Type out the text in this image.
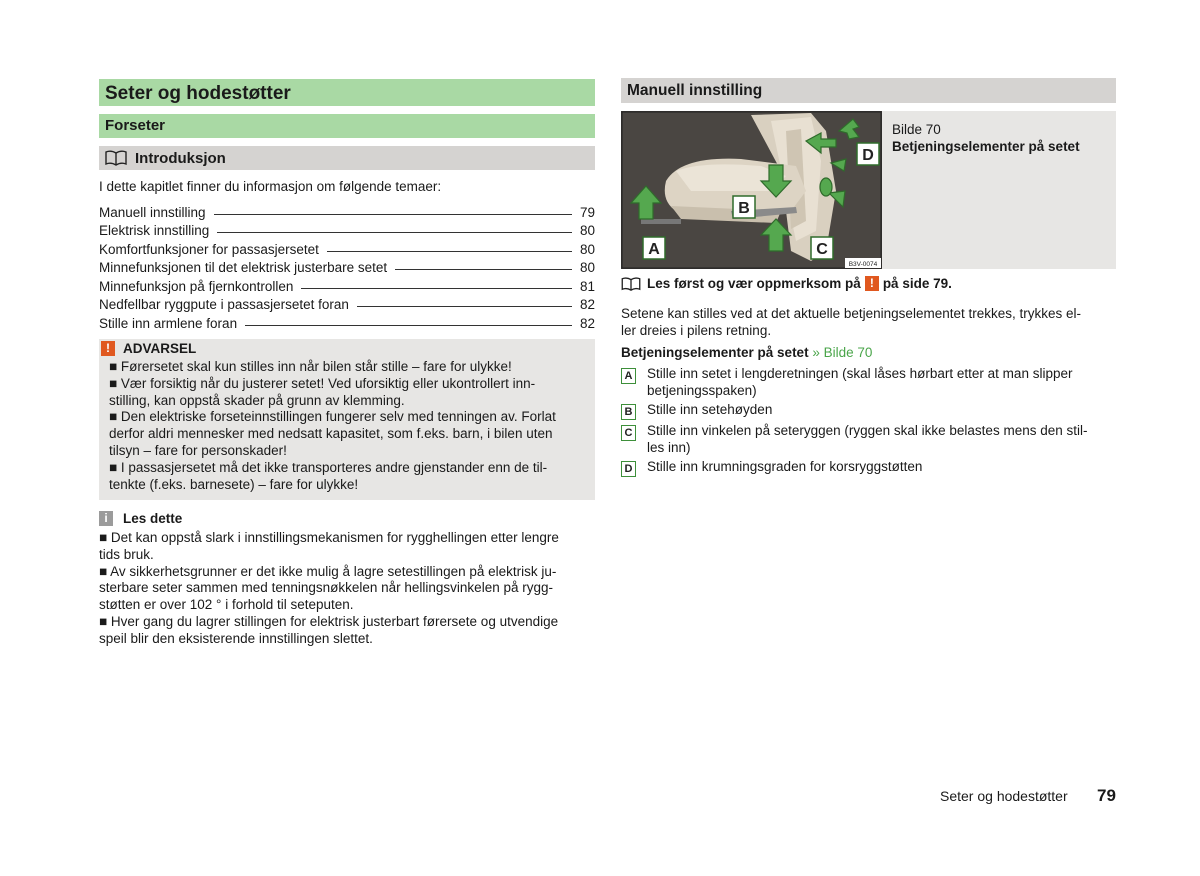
Seter og hodestøtter
Forseter
Introduksjon
I dette kapitlet finner du informasjon om følgende temaer:
Manuell innstilling	79
Elektrisk innstilling	80
Komfortfunksjoner for passasjersetet	80
Minnefunksjonen til det elektrisk justerbare setet	80
Minnefunksjon på fjernkontrollen	81
Nedfellbar ryggpute i passasjersetet foran	82
Stille inn armlene foran	82
! ADVARSEL
■ Førersetet skal kun stilles inn når bilen står stille – fare for ulykke!
■ Vær forsiktig når du justerer setet! Ved uforsiktig eller ukontrollert inn-
stilling, kan oppstå skader på grunn av klemming.
■ Den elektriske forseteinnstillingen fungerer selv med tenningen av. Forlat
derfor aldri mennesker med nedsatt kapasitet, som f.eks. barn, i bilen uten
tilsyn – fare for personskader!
■ I passasjersetet må det ikke transporteres andre gjenstander enn de til-
tenkte (f.eks. barnesete) – fare for ulykke!
i	Les dette
■ Det kan oppstå slark i innstillingsmekanismen for rygghellingen etter lengre
tids bruk.
■ Av sikkerhetsgrunner er det ikke mulig å lagre setestillingen på elektrisk ju-
sterbare seter sammen med tenningsnøkkelen når hellingsvinkelen på rygg-
støtten er over 102 ° i forhold til seteputen.
■ Hver gang du lagrer stillingen for elektrisk justerbart førersete og utvendige
speil blir den eksisterende innstillingen slettet.
Manuell innstilling
A
B
C
D
B3V-0074
Bilde 70
Betjeningselementer på setet
Les først og vær oppmerksom på ! på side 79.
Setene kan stilles ved at det aktuelle betjeningselementet trekkes, trykkes el-
ler dreies i pilens retning.
Betjeningselementer på setet » Bilde 70
A	Stille inn setet i lengderetningen (skal låses hørbart etter at man slipper
betjeningsspaken)
B	Stille inn setehøyden
C	Stille inn vinkelen på seteryggen (ryggen skal ikke belastes mens den stil-
les inn)
D	Stille inn krumningsgraden for korsryggstøtten
Seter og hodestøtter 79
